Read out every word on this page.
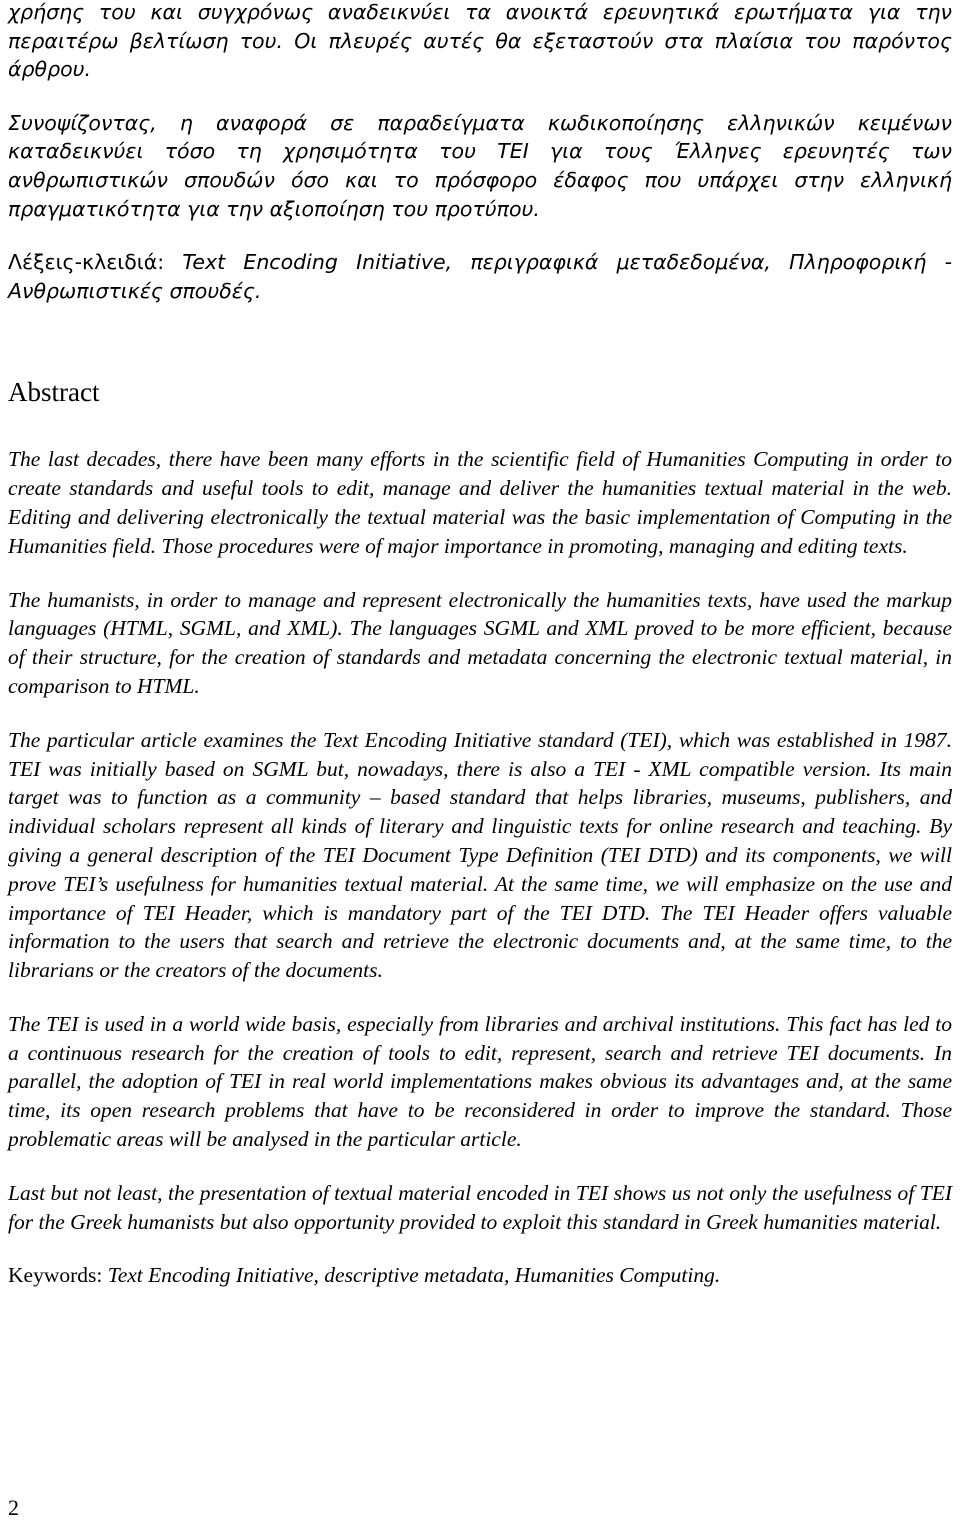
χρήσης του και συγχρόνως αναδεικνύει τα ανοικτά ερευνητικά ερωτήματα για την περαιτέρω βελτίωση του. Οι πλευρές αυτές θα εξεταστούν στα πλαίσια του παρόντος άρθρου.

Συνοψίζοντας, η αναφορά σε παραδείγματα κωδικοποίησης ελληνικών κειμένων καταδεικνύει τόσο τη χρησιμότητα του TEI για τους Έλληνες ερευνητές των ανθρωπιστικών σπουδών όσο και το πρόσφορο έδαφος που υπάρχει στην ελληνική πραγματικότητα για την αξιοποίηση του προτύπου.

Λέξεις-κλειδιά: Text Encoding Initiative, περιγραφικά μεταδεδομένα, Πληροφορική - Ανθρωπιστικές σπουδές.

Abstract

The last decades, there have been many efforts in the scientific field of Humanities Computing in order to create standards and useful tools to edit, manage and deliver the humanities textual material in the web. Editing and delivering electronically the textual material was the basic implementation of Computing in the Humanities field. Those procedures were of major importance in promoting, managing and editing texts.

The humanists, in order to manage and represent electronically the humanities texts, have used the markup languages (HTML, SGML, and XML). The languages SGML and XML proved to be more efficient, because of their structure, for the creation of standards and metadata concerning the electronic textual material, in comparison to HTML.

The particular article examines the Text Encoding Initiative standard (TEI), which was established in 1987. TEI was initially based on SGML but, nowadays, there is also a TEI - XML compatible version. Its main target was to function as a community – based standard that helps libraries, museums, publishers, and individual scholars represent all kinds of literary and linguistic texts for online research and teaching. By giving a general description of the TEI Document Type Definition (TEI DTD) and its components, we will prove TEI’s usefulness for humanities textual material. At the same time, we will emphasize on the use and importance of TEI Header, which is mandatory part of the TEI DTD. The TEI Header offers valuable information to the users that search and retrieve the electronic documents and, at the same time, to the librarians or the creators of the documents.

The TEI is used in a world wide basis, especially from libraries and archival institutions. This fact has led to a continuous research for the creation of tools to edit, represent, search and retrieve TEI documents. In parallel, the adoption of TEI in real world implementations makes obvious its advantages and, at the same time, its open research problems that have to be reconsidered in order to improve the standard. Those problematic areas will be analysed in the particular article.

Last but not least, the presentation of textual material encoded in TEI shows us not only the usefulness of TEI for the Greek humanists but also opportunity provided to exploit this standard in Greek humanities material.

Keywords: Text Encoding Initiative, descriptive metadata, Humanities Computing.

2
